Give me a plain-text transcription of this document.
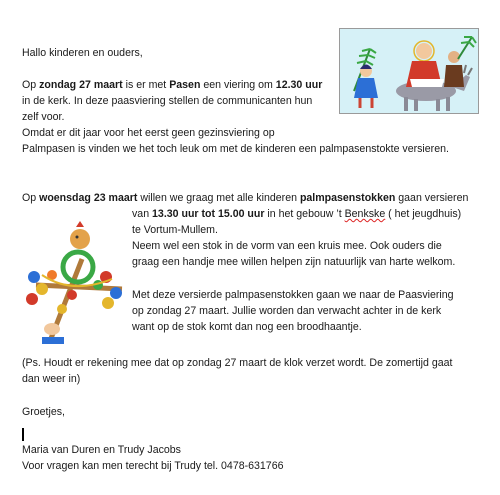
Hallo kinderen en ouders,

Op zondag 27 maart is er met Pasen een viering om 12.30 uur

in de kerk. In deze paasviering stellen de communicanten hun

zelf voor.

Omdat er dit jaar voor het eerst geen gezinsviering op

Palmpasen is vinden we het toch leuk om met de kinderen een palmpasenstokte versieren.

Op woensdag 23 maart willen we graag met alle kinderen palmpasenstokken gaan versieren

van 13.30 uur tot 15.00 uur in het gebouw ’t Benkske ( het jeugdhuis)

te Vortum-Mullem.

Neem wel een stok in de vorm van een kruis mee. Ook ouders die

graag een handje mee willen helpen zijn natuurlijk van harte welkom.

Met deze versierde palmpasenstokken gaan we naar de Paasviering

op zondag 27 maart. Jullie worden dan verwacht achter in de kerk

want op de stok komt dan nog een broodhaantje.

(Ps. Houdt er rekening mee dat op zondag 27 maart de klok verzet wordt. De zomertijd gaat

dan weer in)

Groetjes,

Maria van Duren en Trudy Jacobs

Voor vragen kan men terecht bij Trudy tel. 0478-631766
